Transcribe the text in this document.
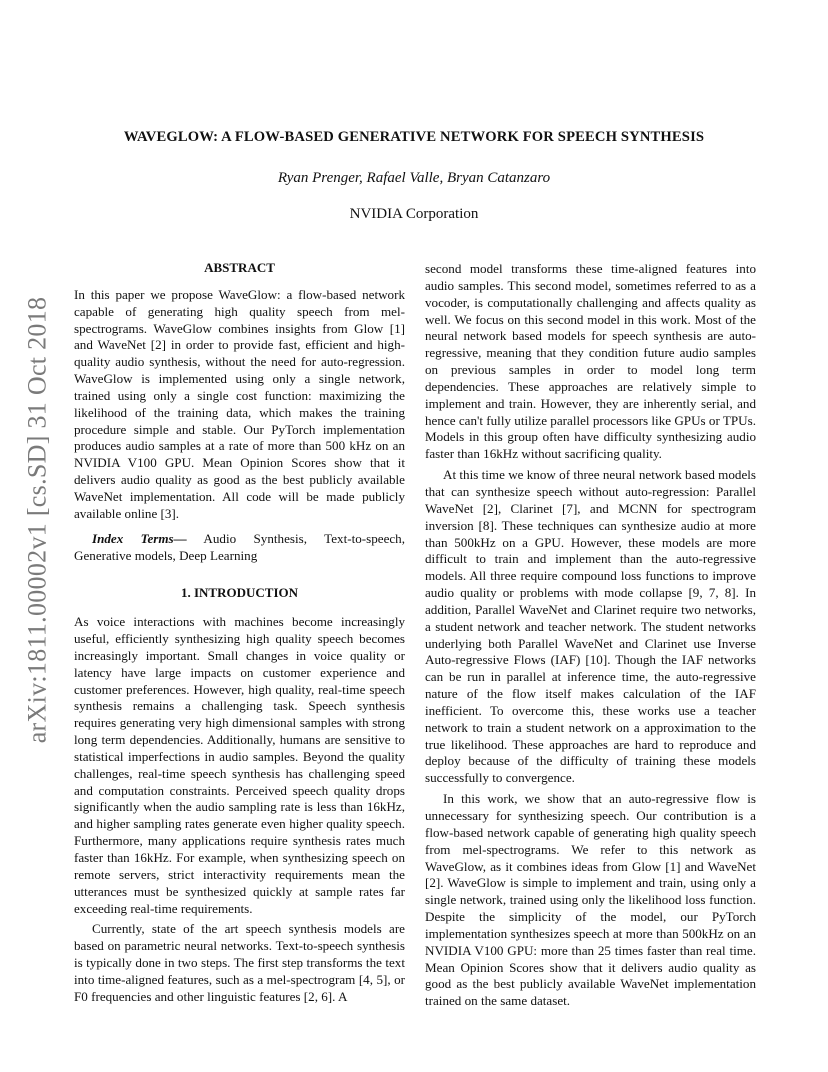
arXiv:1811.00002v1 [cs.SD] 31 Oct 2018
WAVEGLOW: A FLOW-BASED GENERATIVE NETWORK FOR SPEECH SYNTHESIS
Ryan Prenger, Rafael Valle, Bryan Catanzaro
NVIDIA Corporation
ABSTRACT

In this paper we propose WaveGlow: a flow-based network capable of generating high quality speech from mel-spectrograms. WaveGlow combines insights from Glow [1] and WaveNet [2] in order to provide fast, efficient and high-quality audio synthesis, without the need for auto-regression. WaveGlow is implemented using only a single network, trained using only a single cost function: maximizing the likelihood of the training data, which makes the training procedure simple and stable. Our PyTorch implementation produces audio samples at a rate of more than 500 kHz on an NVIDIA V100 GPU. Mean Opinion Scores show that it delivers audio quality as good as the best publicly available WaveNet implementation. All code will be made publicly available online [3].

Index Terms— Audio Synthesis, Text-to-speech, Generative models, Deep Learning

1. INTRODUCTION

As voice interactions with machines become increasingly useful, efficiently synthesizing high quality speech becomes increasingly important. Small changes in voice quality or latency have large impacts on customer experience and customer preferences. However, high quality, real-time speech synthesis remains a challenging task. Speech synthesis requires generating very high dimensional samples with strong long term dependencies. Additionally, humans are sensitive to statistical imperfections in audio samples. Beyond the quality challenges, real-time speech synthesis has challenging speed and computation constraints. Perceived speech quality drops significantly when the audio sampling rate is less than 16kHz, and higher sampling rates generate even higher quality speech. Furthermore, many applications require synthesis rates much faster than 16kHz. For example, when synthesizing speech on remote servers, strict interactivity requirements mean the utterances must be synthesized quickly at sample rates far exceeding real-time requirements.

Currently, state of the art speech synthesis models are based on parametric neural networks. Text-to-speech synthesis is typically done in two steps. The first step transforms the text into time-aligned features, such as a mel-spectrogram [4, 5], or F0 frequencies and other linguistic features [2, 6]. A

second model transforms these time-aligned features into audio samples. This second model, sometimes referred to as a vocoder, is computationally challenging and affects quality as well. We focus on this second model in this work. Most of the neural network based models for speech synthesis are auto-regressive, meaning that they condition future audio samples on previous samples in order to model long term dependencies. These approaches are relatively simple to implement and train. However, they are inherently serial, and hence can't fully utilize parallel processors like GPUs or TPUs. Models in this group often have difficulty synthesizing audio faster than 16kHz without sacrificing quality.

At this time we know of three neural network based models that can synthesize speech without auto-regression: Parallel WaveNet [2], Clarinet [7], and MCNN for spectrogram inversion [8]. These techniques can synthesize audio at more than 500kHz on a GPU. However, these models are more difficult to train and implement than the auto-regressive models. All three require compound loss functions to improve audio quality or problems with mode collapse [9, 7, 8]. In addition, Parallel WaveNet and Clarinet require two networks, a student network and teacher network. The student networks underlying both Parallel WaveNet and Clarinet use Inverse Auto-regressive Flows (IAF) [10]. Though the IAF networks can be run in parallel at inference time, the auto-regressive nature of the flow itself makes calculation of the IAF inefficient. To overcome this, these works use a teacher network to train a student network on a approximation to the true likelihood. These approaches are hard to reproduce and deploy because of the difficulty of training these models successfully to convergence.

In this work, we show that an auto-regressive flow is unnecessary for synthesizing speech. Our contribution is a flow-based network capable of generating high quality speech from mel-spectrograms. We refer to this network as WaveGlow, as it combines ideas from Glow [1] and WaveNet [2]. WaveGlow is simple to implement and train, using only a single network, trained using only the likelihood loss function. Despite the simplicity of the model, our PyTorch implementation synthesizes speech at more than 500kHz on an NVIDIA V100 GPU: more than 25 times faster than real time. Mean Opinion Scores show that it delivers audio quality as good as the best publicly available WaveNet implementation trained on the same dataset.
